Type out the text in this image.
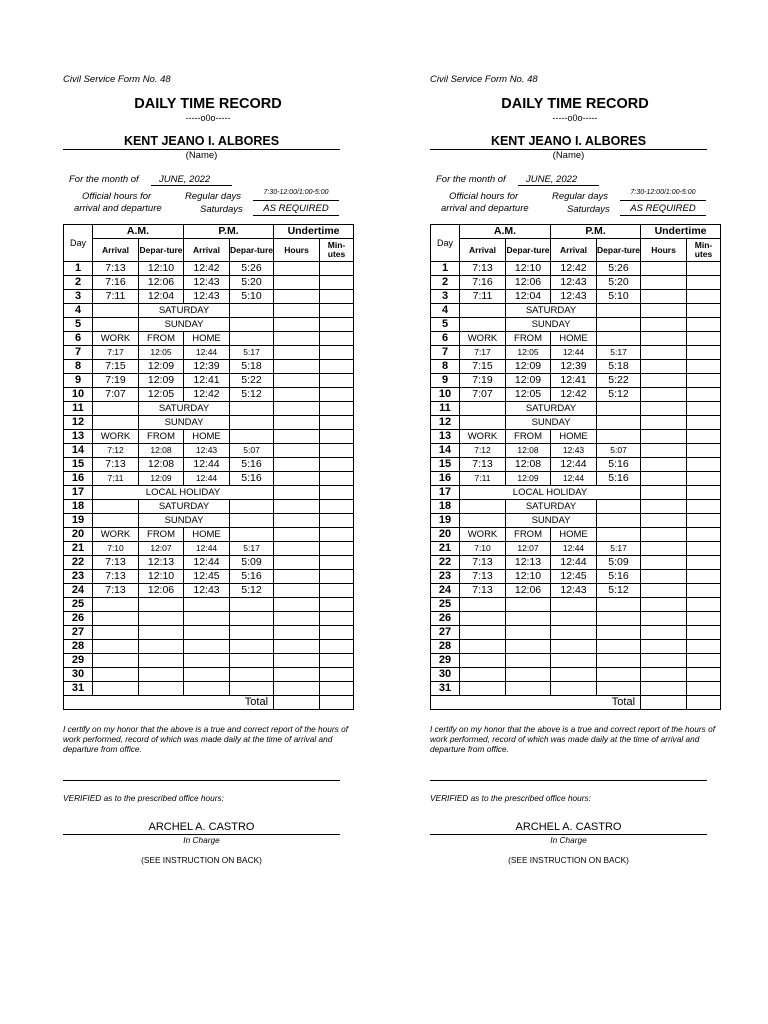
Civil Service Form No. 48
DAILY TIME RECORD
-----o0o-----
KENT JEANO I. ALBORES
(Name)
For the month of	JUNE, 2022
Official hours for
arrival and departure
Regular days
Saturdays
7:30-12:00/1:00-5:00
AS REQUIRED
Day	A.M.		P.M.		Undertime	
	Arrival	Depar-ture	Arrival	Depar-ture	Hours	Min-utes
1	7:13	12:10	12:42	5:26		
2	7:16	12:06	12:43	5:20		
3	7:11	12:04	12:43	5:10		
4		SATURDAY				
5		SUNDAY				
6	WORK	FROM	HOME			
7	7:17	12:05	12:44	5:17		
8	7:15	12:09	12:39	5:18		
9	7:19	12:09	12:41	5:22		
10	7:07	12:05	12:42	5:12		
11		SATURDAY				
12		SUNDAY				
13	WORK	FROM	HOME			
14	7:12	12:08	12:43	5:07		
15	7:13	12:08	12:44	5:16		
16	7:11	12:09	12:44	5:16		
17	LOCAL HOLIDAY					
18		SATURDAY				
19		SUNDAY				
20	WORK	FROM	HOME			
21	7:10	12:07	12:44	5:17		
22	7:13	12:13	12:44	5:09		
23	7:13	12:10	12:45	5:16		
24	7:13	12:06	12:43	5:12		
25						
26						
27						
28						
29						
30						
31						
Total						
I certify on my honor that the above is a true and correct report of the hours of work performed, record of which was made daily at the time of arrival and departure from office.
VERIFIED as to the prescribed office hours:
ARCHEL A. CASTRO
In Charge
(SEE INSTRUCTION ON BACK)
Civil Service Form No. 48
DAILY TIME RECORD
-----o0o-----
KENT JEANO I. ALBORES
(Name)
For the month of	JUNE, 2022
Official hours for
arrival and departure
Regular days
Saturdays
7:30-12:00/1:00-5:00
AS REQUIRED
Day	A.M.		P.M.		Undertime	
	Arrival	Depar-ture	Arrival	Depar-ture	Hours	Min-utes
1	7:13	12:10	12:42	5:26		
2	7:16	12:06	12:43	5:20		
3	7:11	12:04	12:43	5:10		
4		SATURDAY				
5		SUNDAY				
6	WORK	FROM	HOME			
7	7:17	12:05	12:44	5:17		
8	7:15	12:09	12:39	5:18		
9	7:19	12:09	12:41	5:22		
10	7:07	12:05	12:42	5:12		
11		SATURDAY				
12		SUNDAY				
13	WORK	FROM	HOME			
14	7:12	12:08	12:43	5:07		
15	7:13	12:08	12:44	5:16		
16	7:11	12:09	12:44	5:16		
17	LOCAL HOLIDAY					
18		SATURDAY				
19		SUNDAY				
20	WORK	FROM	HOME			
21	7:10	12:07	12:44	5:17		
22	7:13	12:13	12:44	5:09		
23	7:13	12:10	12:45	5:16		
24	7:13	12:06	12:43	5:12		
25						
26						
27						
28						
29						
30						
31						
Total						
I certify on my honor that the above is a true and correct report of the hours of work performed, record of which was made daily at the time of arrival and departure from office.
VERIFIED as to the prescribed office hours:
ARCHEL A. CASTRO
In Charge
(SEE INSTRUCTION ON BACK)
